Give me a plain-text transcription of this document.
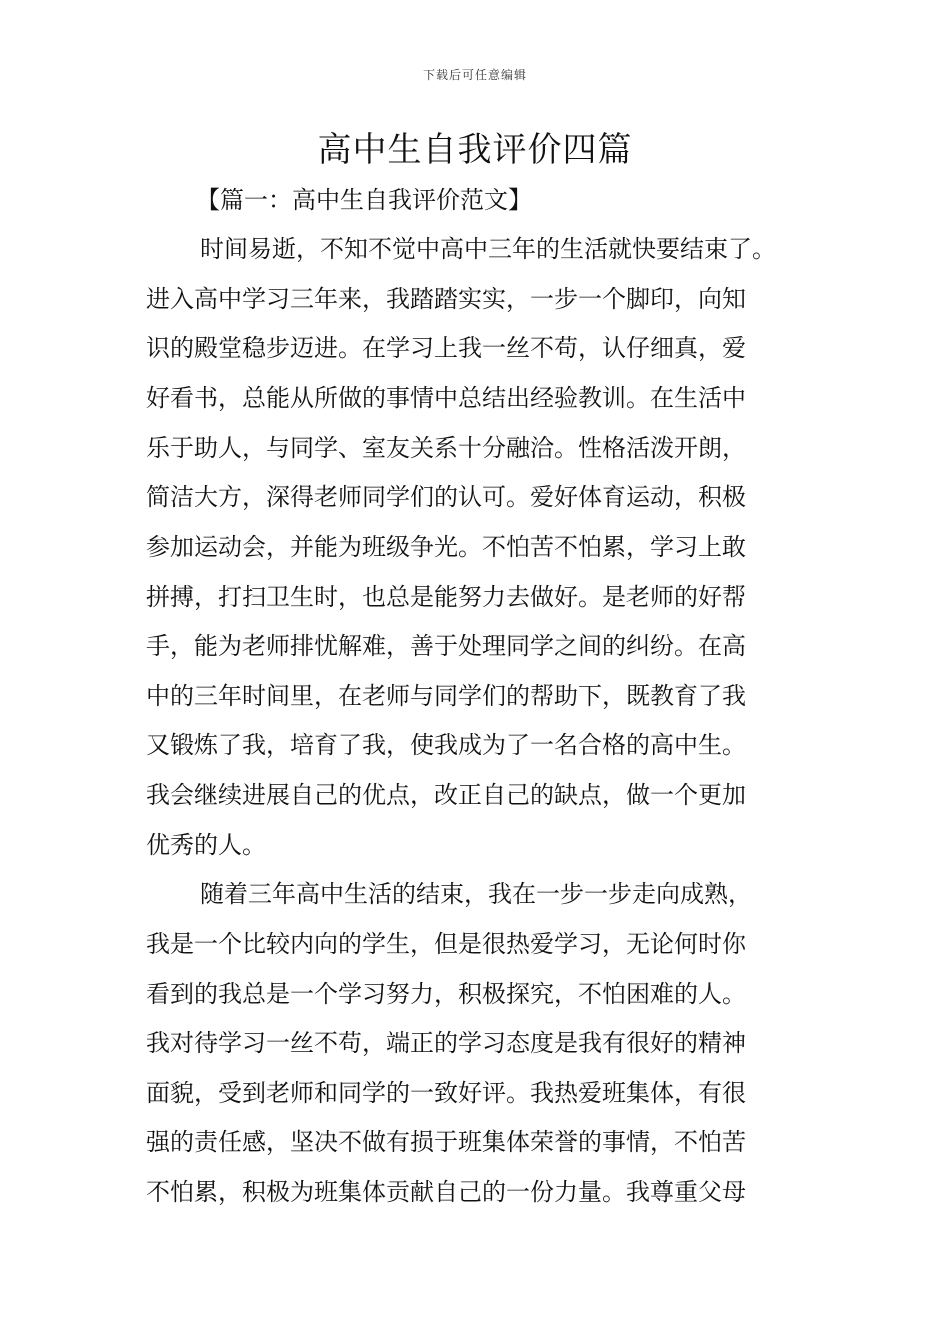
下载后可任意编辑
高中生自我评价四篇
【篇一：高中生自我评价范文】
时间易逝，不知不觉中高中三年的生活就快要结束了。
进入高中学习三年来，我踏踏实实，一步一个脚印，向知
识的殿堂稳步迈进。在学习上我一丝不苟，认仔细真，爱
好看书，总能从所做的事情中总结出经验教训。在生活中
乐于助人，与同学、室友关系十分融洽。性格活泼开朗，
简洁大方，深得老师同学们的认可。爱好体育运动，积极
参加运动会，并能为班级争光。不怕苦不怕累，学习上敢
拼搏，打扫卫生时，也总是能努力去做好。是老师的好帮
手，能为老师排忧解难，善于处理同学之间的纠纷。在高
中的三年时间里，在老师与同学们的帮助下，既教育了我
又锻炼了我，培育了我，使我成为了一名合格的高中生。
我会继续进展自己的优点，改正自己的缺点，做一个更加
优秀的人。
随着三年高中生活的结束，我在一步一步走向成熟，
我是一个比较内向的学生，但是很热爱学习，无论何时你
看到的我总是一个学习努力，积极探究，不怕困难的人。
我对待学习一丝不苟，端正的学习态度是我有很好的精神
面貌，受到老师和同学的一致好评。我热爱班集体，有很
强的责任感，坚决不做有损于班集体荣誉的事情，不怕苦
不怕累，积极为班集体贡献自己的一份力量。我尊重父母
